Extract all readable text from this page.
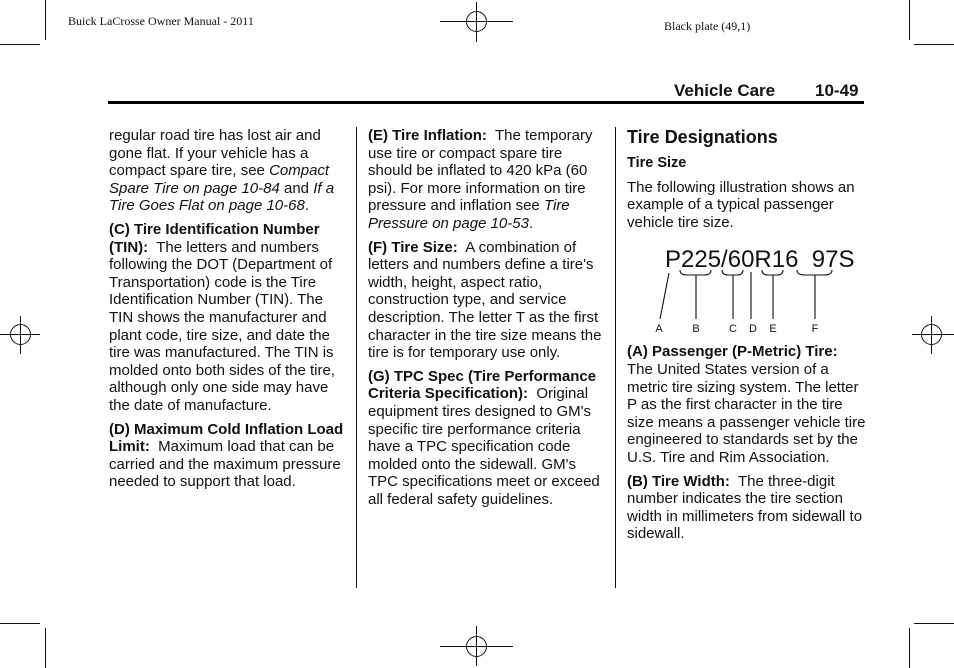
Buick LaCrosse Owner Manual - 2011	Black plate (49,1)
Vehicle Care 10-49

regular road tire has lost air and gone flat. If your vehicle has a compact spare tire, see Compact Spare Tire on page 10-84 and If a Tire Goes Flat on page 10-68.

(C) Tire Identification Number (TIN): The letters and numbers following the DOT (Department of Transportation) code is the Tire Identification Number (TIN). The TIN shows the manufacturer and plant code, tire size, and date the tire was manufactured. The TIN is molded onto both sides of the tire, although only one side may have the date of manufacture.

(D) Maximum Cold Inflation Load Limit: Maximum load that can be carried and the maximum pressure needed to support that load.

(E) Tire Inflation: The temporary use tire or compact spare tire should be inflated to 420 kPa (60 psi). For more information on tire pressure and inflation see Tire Pressure on page 10-53.

(F) Tire Size: A combination of letters and numbers define a tire's width, height, aspect ratio, construction type, and service description. The letter T as the first character in the tire size means the tire is for temporary use only.

(G) TPC Spec (Tire Performance Criteria Specification): Original equipment tires designed to GM's specific tire performance criteria have a TPC specification code molded onto the sidewall. GM's TPC specifications meet or exceed all federal safety guidelines.

Tire Designations
Tire Size

The following illustration shows an example of a typical passenger vehicle tire size.

P225/60R16  97S
A	B	C D E	F

(A) Passenger (P-Metric) Tire: The United States version of a metric tire sizing system. The letter P as the first character in the tire size means a passenger vehicle tire engineered to standards set by the U.S. Tire and Rim Association.

(B) Tire Width: The three-digit number indicates the tire section width in millimeters from sidewall to sidewall.
